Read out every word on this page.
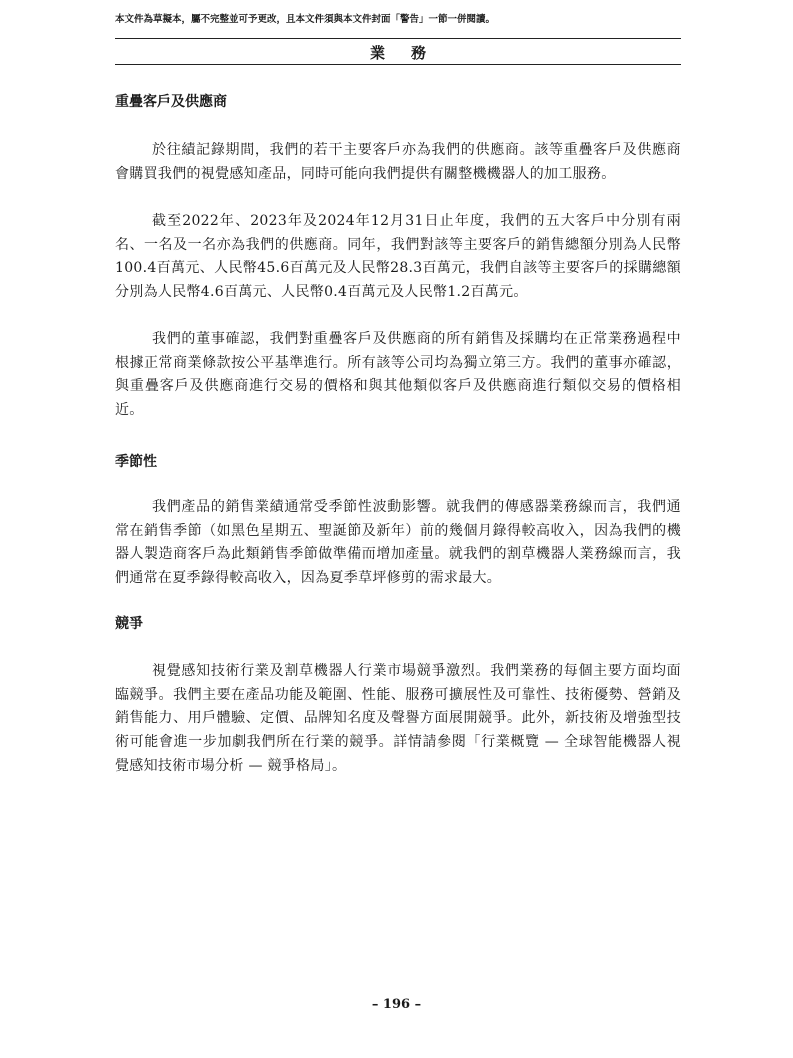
本文件為草擬本，屬不完整並可予更改，且本文件須與本文件封面「警告」一節一併閱讀。
業務
重疊客戶及供應商
於往績記錄期間，我們的若干主要客戶亦為我們的供應商。該等重疊客戶及供應商會購買我們的視覺感知產品，同時可能向我們提供有關整機機器人的加工服務。
截至2022年、2023年及2024年12月31日止年度，我們的五大客戶中分別有兩名、一名及一名亦為我們的供應商。同年，我們對該等主要客戶的銷售總額分別為人民幣100.4百萬元、人民幣45.6百萬元及人民幣28.3百萬元，我們自該等主要客戶的採購總額分別為人民幣4.6百萬元、人民幣0.4百萬元及人民幣1.2百萬元。
我們的董事確認，我們對重疊客戶及供應商的所有銷售及採購均在正常業務過程中根據正常商業條款按公平基準進行。所有該等公司均為獨立第三方。我們的董事亦確認，與重疊客戶及供應商進行交易的價格和與其他類似客戶及供應商進行類似交易的價格相近。
季節性
我們產品的銷售業績通常受季節性波動影響。就我們的傳感器業務線而言，我們通常在銷售季節（如黑色星期五、聖誕節及新年）前的幾個月錄得較高收入，因為我們的機器人製造商客戶為此類銷售季節做準備而增加產量。就我們的割草機器人業務線而言，我們通常在夏季錄得較高收入，因為夏季草坪修剪的需求最大。
競爭
視覺感知技術行業及割草機器人行業市場競爭激烈。我們業務的每個主要方面均面臨競爭。我們主要在產品功能及範圍、性能、服務可擴展性及可靠性、技術優勢、營銷及銷售能力、用戶體驗、定價、品牌知名度及聲譽方面展開競爭。此外，新技術及增強型技術可能會進一步加劇我們所在行業的競爭。詳情請參閱「行業概覽 — 全球智能機器人視覺感知技術市場分析 — 競爭格局」。
– 196 –
